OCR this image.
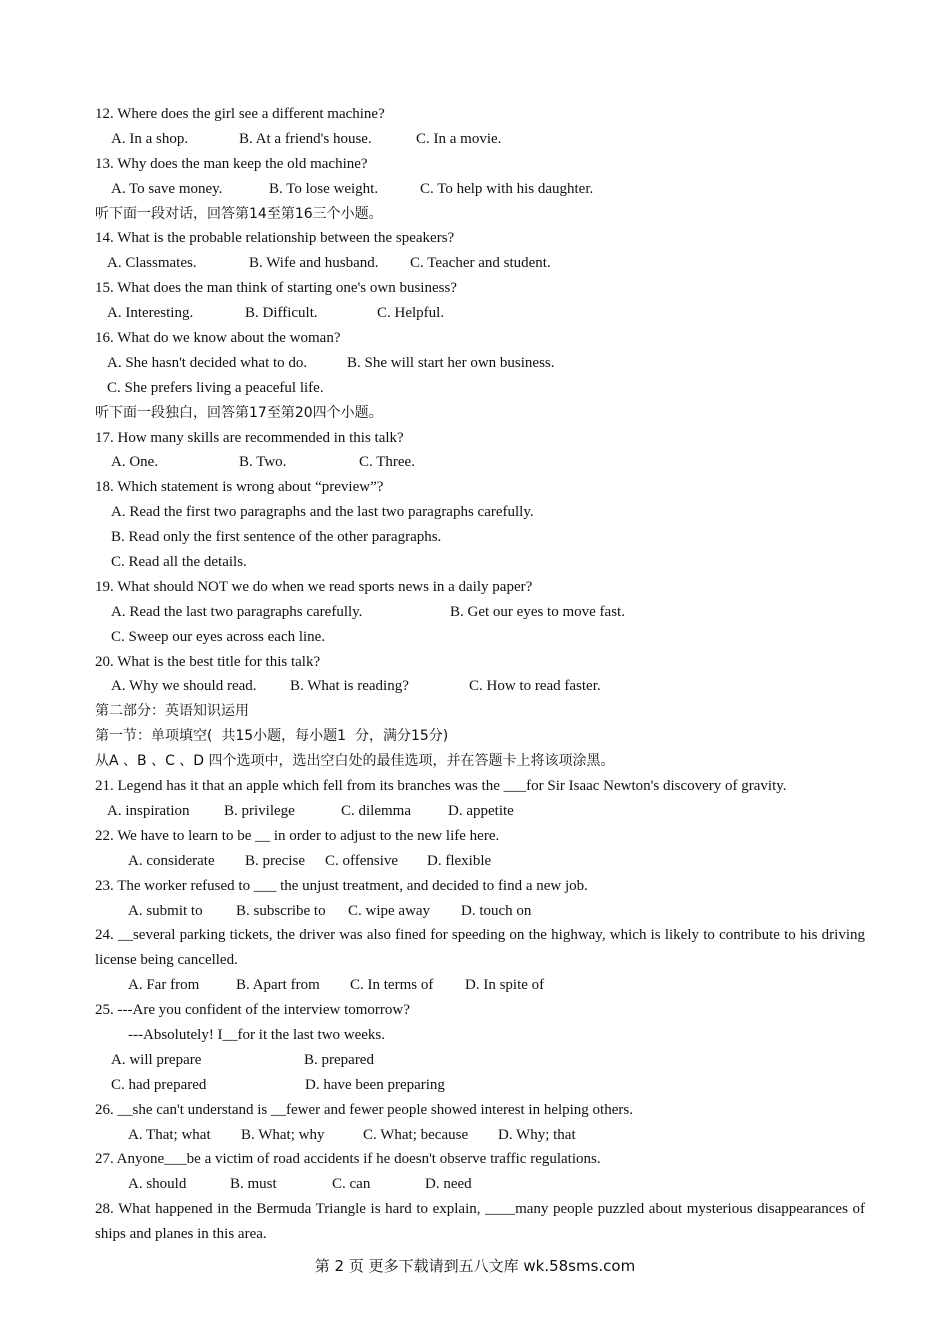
12. Where does the girl see a different machine?
A. In a shop.	B. At a friend's house.	C. In a movie.
13. Why does the man keep the old machine?
A. To save money.	B. To lose weight.	C. To help with his daughter.
听下面一段对话，回答第14至第16三个小题。
14. What is the probable relationship between the speakers?
A. Classmates.	B. Wife and husband. C. Teacher and student.
15. What does the man think of starting one's own business?
A. Interesting.	B. Difficult.	C. Helpful.
16. What do we know about the woman?
A. She hasn't decided what to do.	B. She will start her own business.
C. She prefers living a peaceful life.
听下面一段独白，回答第17至第20四个小题。
17. How many skills are recommended in this talk?
A. One.	B. Two.	C. Three.
18. Which statement is wrong about “preview”?
A. Read the first two paragraphs and the last two paragraphs carefully.
B. Read only the first sentence of the other paragraphs.
C. Read all the details.
19. What should NOT we do when we read sports news in a daily paper?
A. Read the last two paragraphs carefully.	B. Get our eyes to move fast.
C. Sweep our eyes across each line.
20. What is the best title for this talk?
A. Why we should read. B. What is reading?	C. How to read faster.
第二部分：英语知识运用
第一节：单项填空(  共15小题，每小题1  分，满分15分)
从A 、B 、C 、D 四个选项中，选出空白处的最佳选项，并在答题卡上将该项涂黑。
21. Legend has it that an apple which fell from its branches was the ___for Sir Isaac Newton's discovery of gravity.
A. inspiration B. privilege	C. dilemma D. appetite
22. We have to learn to be __ in order to adjust to the new life here.
A. considerate B. precise C. offensive D. flexible
23. The worker refused to ___ the unjust treatment, and decided to find a new job.
A. submit to B. subscribe to C. wipe away D. touch on
24. __several parking tickets, the driver was also fined for speeding on the highway, which is likely to contribute to his driving license being cancelled.
A. Far from B. Apart from C. In terms of D. In spite of
25. ---Are you confident of the interview tomorrow?
---Absolutely! I__for it the last two weeks.
A. will prepare	B. prepared
C. had prepared	D. have been preparing
26. __she can't understand is __fewer and fewer people showed interest in helping others.
A. That; what B. What; why	C. What; because D. Why; that
27. Anyone___be a victim of road accidents if he doesn't observe traffic regulations.
A. should	B. must	C. can	D. need
28. What happened in the Bermuda Triangle is hard to explain, ____many people puzzled about mysterious disappearances of ships and planes in this area.
第 2 页 更多下载请到五八文库 wk.58sms.com
